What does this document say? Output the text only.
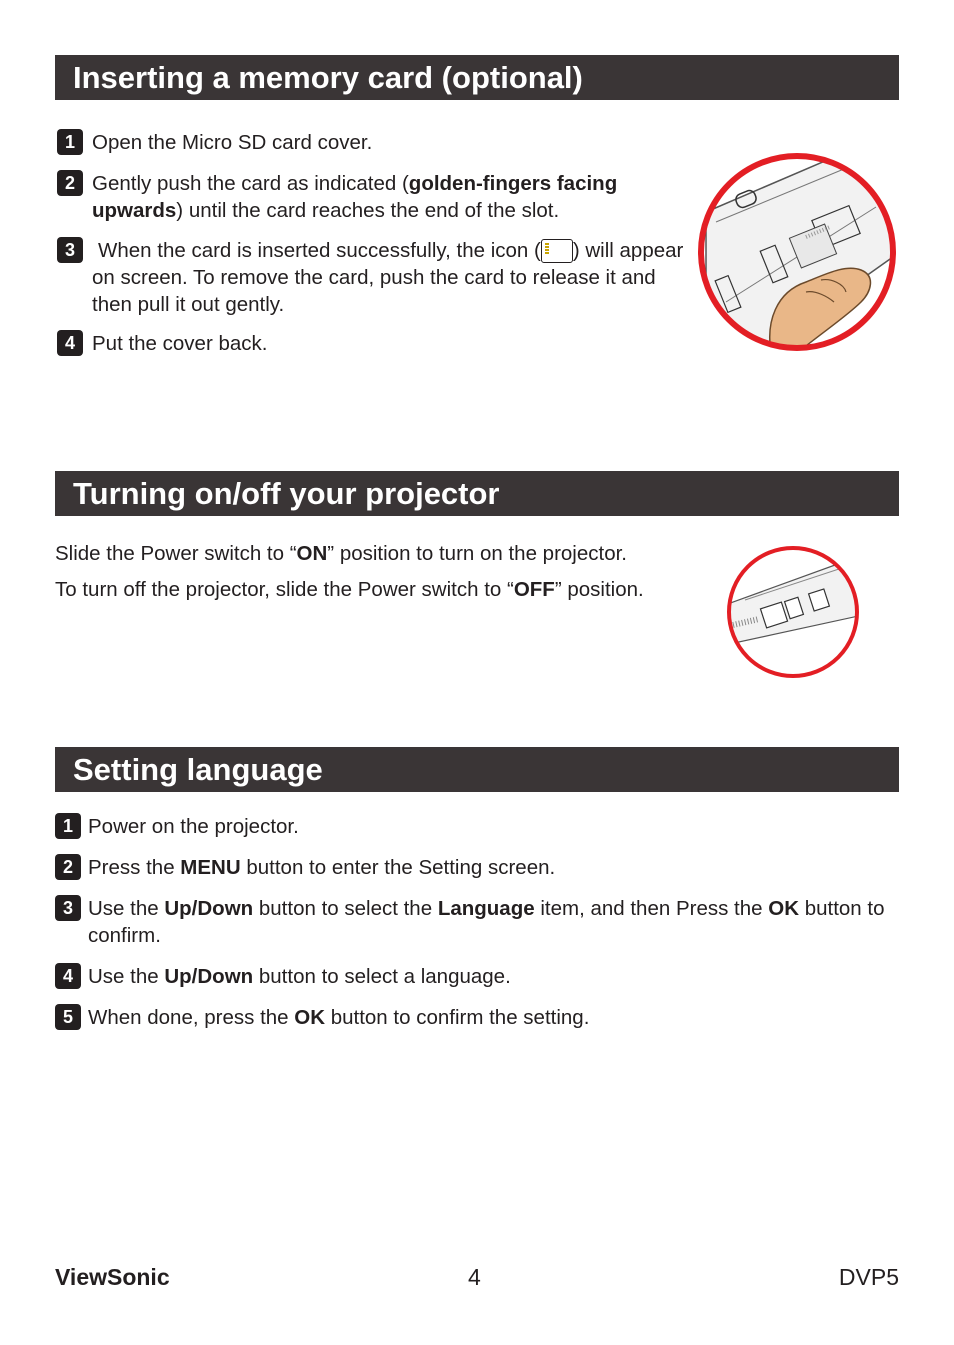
Inserting a memory card (optional)
1 Open the Micro SD card cover.
2 Gently push the card as indicated (golden-fingers facing upwards) until the card reaches the end of the slot.
3	When the card is inserted successfully, the icon ( ) will appear on screen. To remove the card, push the card to release it and then pull it out gently.
4 Put the cover back.
Turning on/off your projector
Slide the Power switch to “ON” position to turn on the projector.
To turn off the projector, slide the Power switch to “OFF” position.
Setting language
1 Power on the projector.
2 Press the MENU button to enter the Setting screen.
3 Use the Up/Down button to select the Language item, and then Press the OK button to confirm.
4 Use the Up/Down button to select a language.
5 When done, press the OK button to confirm the setting.
ViewSonic	4	DVP5
